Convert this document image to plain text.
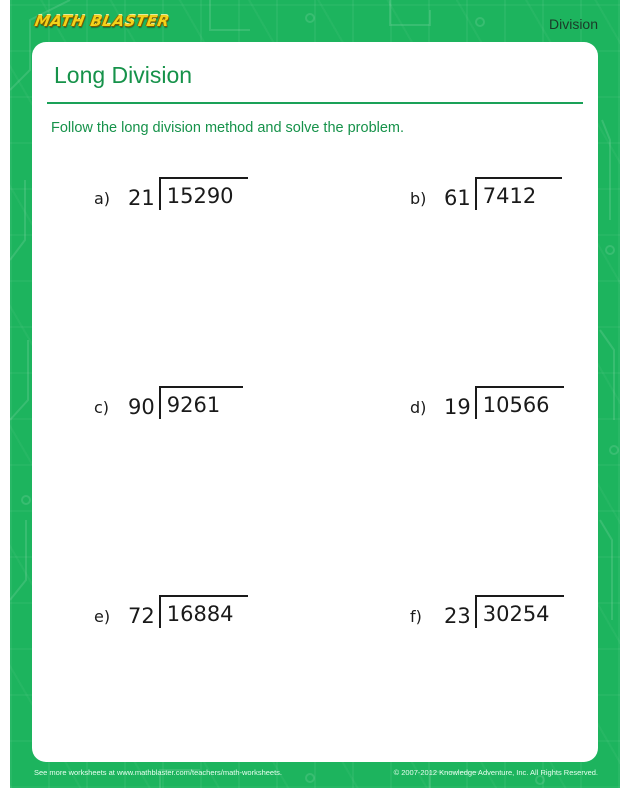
MATH BLASTER	Division
Long Division
Follow the long division method and solve the problem.
a) 21 15290	b) 61 7412
c) 90 9261	d) 19 10566
e) 72 16884	f)	23 30254
See more worksheets at www.mathblaster.com/teachers/math-worksheets.	© 2007-2012 Knowledge Adventure, Inc. All Rights Reserved.
